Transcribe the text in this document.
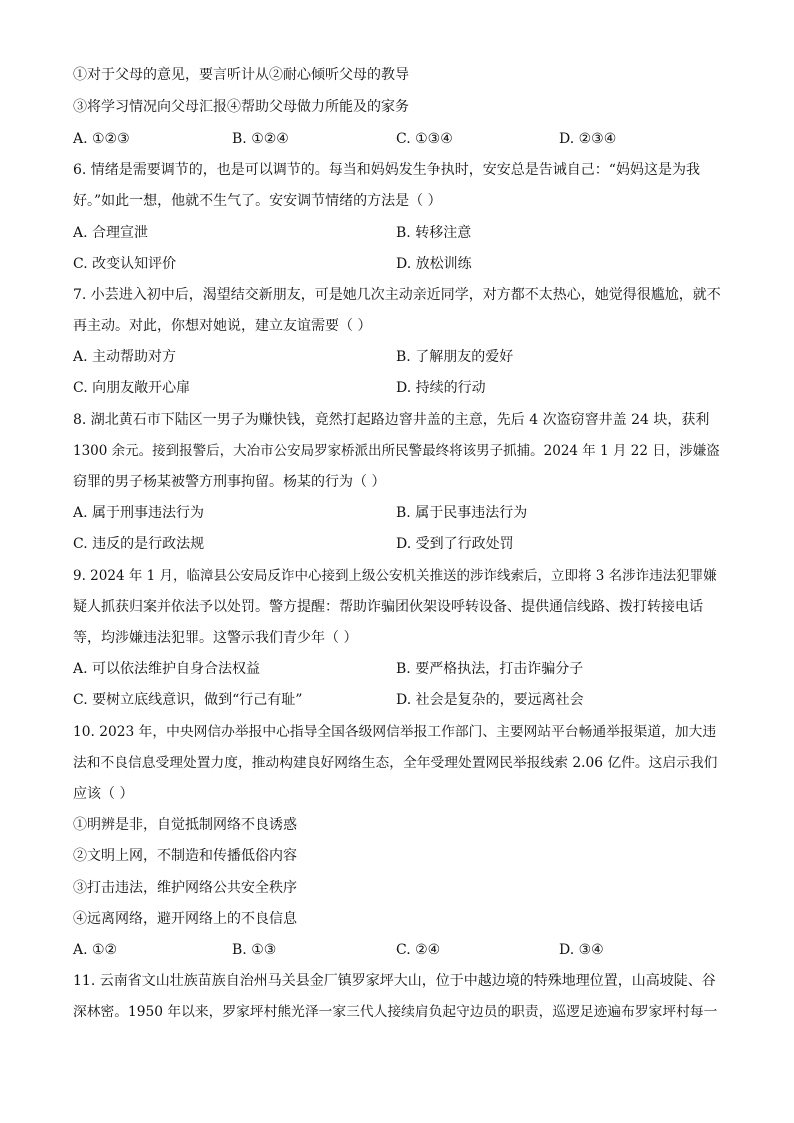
①对于父母的意见，要言听计从②耐心倾听父母的教导
③将学习情况向父母汇报④帮助父母做力所能及的家务
A. ①②③	B. ①②④	C. ①③④	D. ②③④
6. 情绪是需要调节的，也是可以调节的。每当和妈妈发生争执时，安安总是告诫自己：“妈妈这是为我
好。”如此一想，他就不生气了。安安调节情绪的方法是（ ）
A. 合理宣泄	B. 转移注意
C. 改变认知评价	D. 放松训练
7. 小芸进入初中后，渴望结交新朋友，可是她几次主动亲近同学，对方都不太热心，她觉得很尴尬，就不
再主动。对此，你想对她说，建立友谊需要（ ）
A. 主动帮助对方	B. 了解朋友的爱好
C. 向朋友敞开心扉	D. 持续的行动
8. 湖北黄石市下陆区一男子为赚快钱，竟然打起路边窨井盖的主意，先后 4 次盗窃窨井盖 24 块，获利
1300 余元。接到报警后，大冶市公安局罗家桥派出所民警最终将该男子抓捕。2024 年 1 月 22 日，涉嫌盗
窃罪的男子杨某被警方刑事拘留。杨某的行为（ ）
A. 属于刑事违法行为	B. 属于民事违法行为
C. 违反的是行政法规	D. 受到了行政处罚
9. 2024 年 1 月，临漳县公安局反诈中心接到上级公安机关推送的涉诈线索后，立即将 3 名涉诈违法犯罪嫌
疑人抓获归案并依法予以处罚。警方提醒：帮助诈骗团伙架设呼转设备、提供通信线路、拨打转接电话
等，均涉嫌违法犯罪。这警示我们青少年（ ）
A. 可以依法维护自身合法权益	B. 要严格执法，打击诈骗分子
C. 要树立底线意识，做到“行己有耻”	D. 社会是复杂的，要远离社会
10. 2023 年，中央网信办举报中心指导全国各级网信举报工作部门、主要网站平台畅通举报渠道，加大违
法和不良信息受理处置力度，推动构建良好网络生态，全年受理处置网民举报线索 2.06 亿件。这启示我们
应该（ ）
①明辨是非，自觉抵制网络不良诱惑
②文明上网，不制造和传播低俗内容
③打击违法，维护网络公共安全秩序
④远离网络，避开网络上的不良信息
A. ①②	B. ①③	C. ②④	D. ③④
11. 云南省文山壮族苗族自治州马关县金厂镇罗家坪大山，位于中越边境的特殊地理位置，山高坡陡、谷
深林密。1950 年以来，罗家坪村熊光泽一家三代人接续肩负起守边员的职责，巡逻足迹遍布罗家坪村每一
